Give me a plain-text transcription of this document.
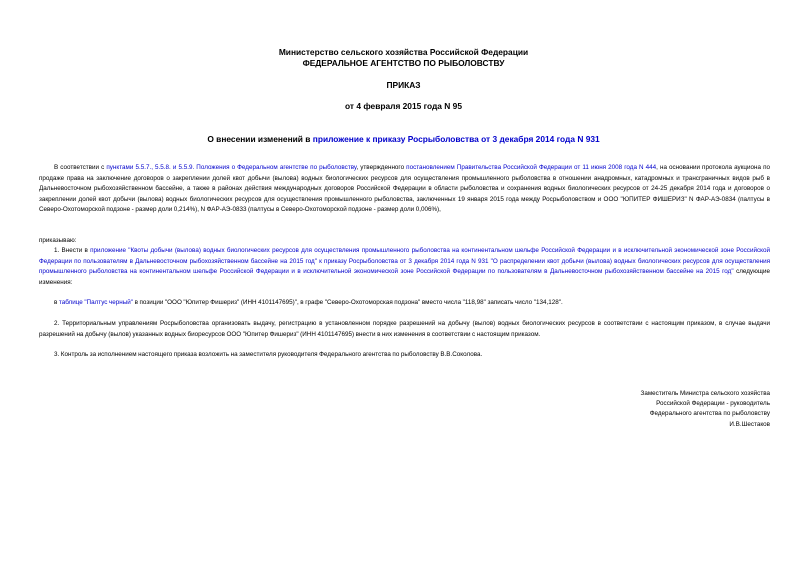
Министерство сельского хозяйства Российской Федерации
ФЕДЕРАЛЬНОЕ АГЕНТСТВО ПО РЫБОЛОВСТВУ
ПРИКАЗ
от 4 февраля 2015 года N 95
О внесении изменений в приложение к приказу Росрыболовства от 3 декабря 2014 года N 931

В соответствии с пунктами 5.5.7., 5.5.8. и 5.5.9. Положения о Федеральном агентстве по рыболовству, утвержденного постановлением Правительства Российской Федерации от 11 июня 2008 года N 444, на основании протокола аукциона по продаже права на заключение договоров о закреплении долей квот добычи (вылова) водных биологических ресурсов для осуществления промышленного рыболовства в отношении анадромных, катадромных и трансграничных видов рыб в Дальневосточном рыбохозяйственном бассейне, а также в районах действия международных договоров Российской Федерации в области рыболовства и сохранения водных биологических ресурсов от 24-25 декабря 2014 года и договоров о закреплении долей квот добычи (вылова) водных биологических ресурсов для осуществления промышленного рыболовства, заключенных 19 января 2015 года между Росрыболовством и ООО "ЮПИТЕР ФИШЕРИЗ" N ФАР-АЭ-0834 (палтусы в Северо-Охотоморской подзоне - размер доли 0,214%), N ФАР-АЭ-0833 (палтусы в Северо-Охотоморской подзоне - размер доли 0,006%),

приказываю:

1. Внести в приложение "Квоты добычи (вылова) водных биологических ресурсов для осуществления промышленного рыболовства на континентальном шельфе Российской Федерации и в исключительной экономической зоне Российской Федерации по пользователям в Дальневосточном рыбохозяйственном бассейне на 2015 год" к приказу Росрыболовства от 3 декабря 2014 года N 931 "О распределении квот добычи (вылова) водных биологических ресурсов для осуществления промышленного рыболовства на континентальном шельфе Российской Федерации и в исключительной экономической зоне Российской Федерации по пользователям в Дальневосточном рыбохозяйственном бассейне на 2015 год" следующие изменения:

в таблице "Палтус черный" в позиции "ООО "Юпитер Фишериз" (ИНН 4101147695)", в графе "Северо-Охотоморская подзона" вместо числа "118,98" записать число "134,128".

2. Территориальным управлениям Росрыболовства организовать выдачу, регистрацию в установленном порядке разрешений на добычу (вылов) водных биологических ресурсов в соответствии с настоящим приказом, в случае выдачи разрешений на добычу (вылов) указанных водных биоресурсов ООО "Юпитер Фишериз" (ИНН 4101147695) внести в них изменения в соответствии с настоящим приказом.

3. Контроль за исполнением настоящего приказа возложить на заместителя руководителя Федерального агентства по рыболовству В.В.Соколова.

Заместитель Министра сельского хозяйства
Российской Федерации - руководитель
Федерального агентства по рыболовству
И.В.Шестаков
